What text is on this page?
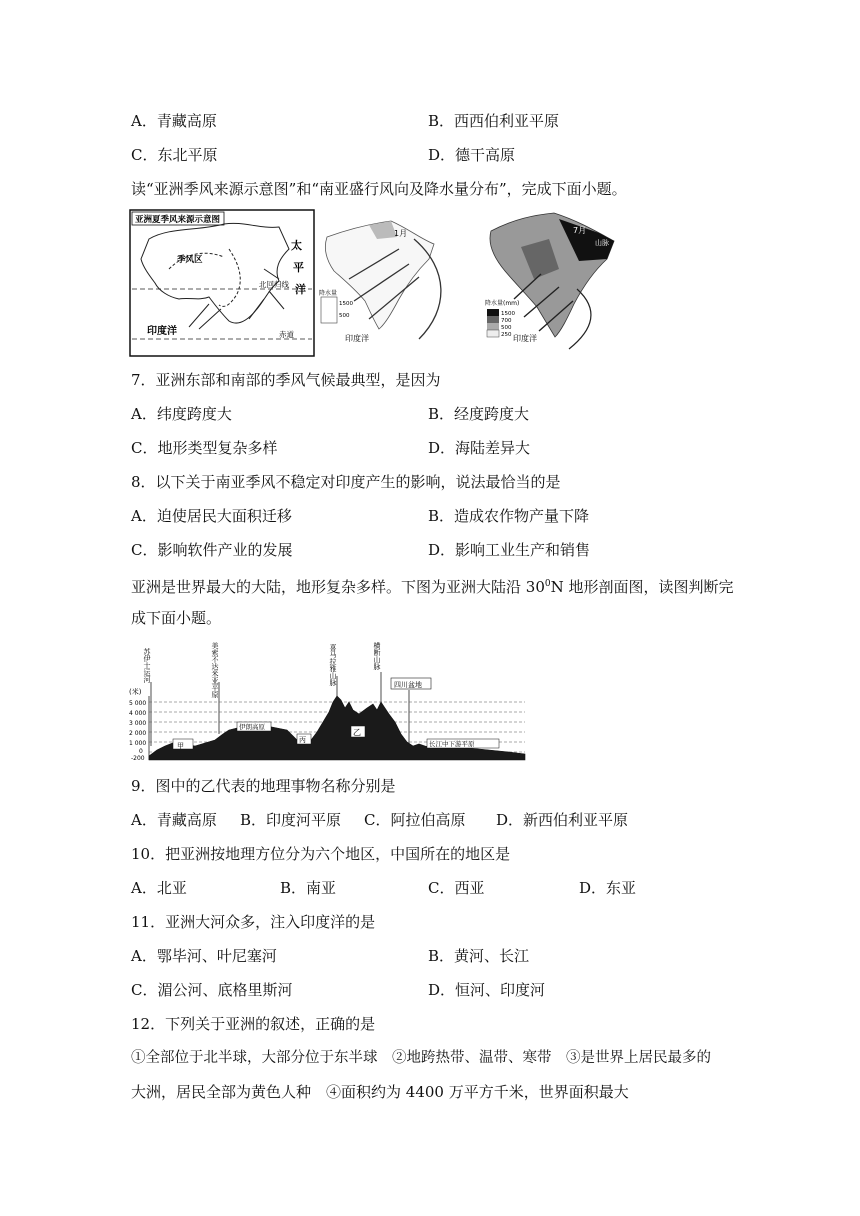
A．青藏高原	B．西西伯利亚平原
C．东北平原	D．德干高原
读“亚洲季风来源示意图”和“南亚盛行风向及降水量分布”，完成下面小题。
亚洲夏季风来源示意图
季风区
太
平
洋
北回归线
赤道
印度洋
1月
降水量
1500
500
印度洋
7月
山脉
降水量(mm)
1500
700
500
250 印度洋
7．亚洲东部和南部的季风气候最典型，是因为
A．纬度跨度大	B．经度跨度大
C．地形类型复杂多样	D．海陆差异大
8．以下关于南亚季风不稳定对印度产生的影响，说法最恰当的是
A．迫使居民大面积迁移	B．造成农作物产量下降
C．影响软件产业的发展	D．影响工业生产和销售
亚洲是世界最大的大陆，地形复杂多样。下图为亚洲大陆沿 $30^0N$ 地形剖面图，读图判断完
成下面小题。
苏伊士运河	美索不达米亚平原	喜马拉雅山脉	横断山脉
四川盆地
(米)
5 000
4 000
3 000
2 000
1 000
0
-200
甲
伊朗高原
丙
乙
长江中下游平原
9．图中的乙代表的地理事物名称分别是
A．青藏高原 B．印度河平原 C．阿拉伯高原 D．新西伯利亚平原
10．把亚洲按地理方位分为六个地区，中国所在的地区是
A．北亚	B．南亚	C．西亚	D．东亚
11．亚洲大河众多，注入印度洋的是
A．鄂毕河、叶尼塞河	B．黄河、长江
C．湄公河、底格里斯河	D．恒河、印度河
12．下列关于亚洲的叙述，正确的是
①全部位于北半球，大部分位于东半球　②地跨热带、温带、寒带　③是世界上居民最多的
大洲，居民全部为黄色人种　④面积约为 4400 万平方千米，世界面积最大
